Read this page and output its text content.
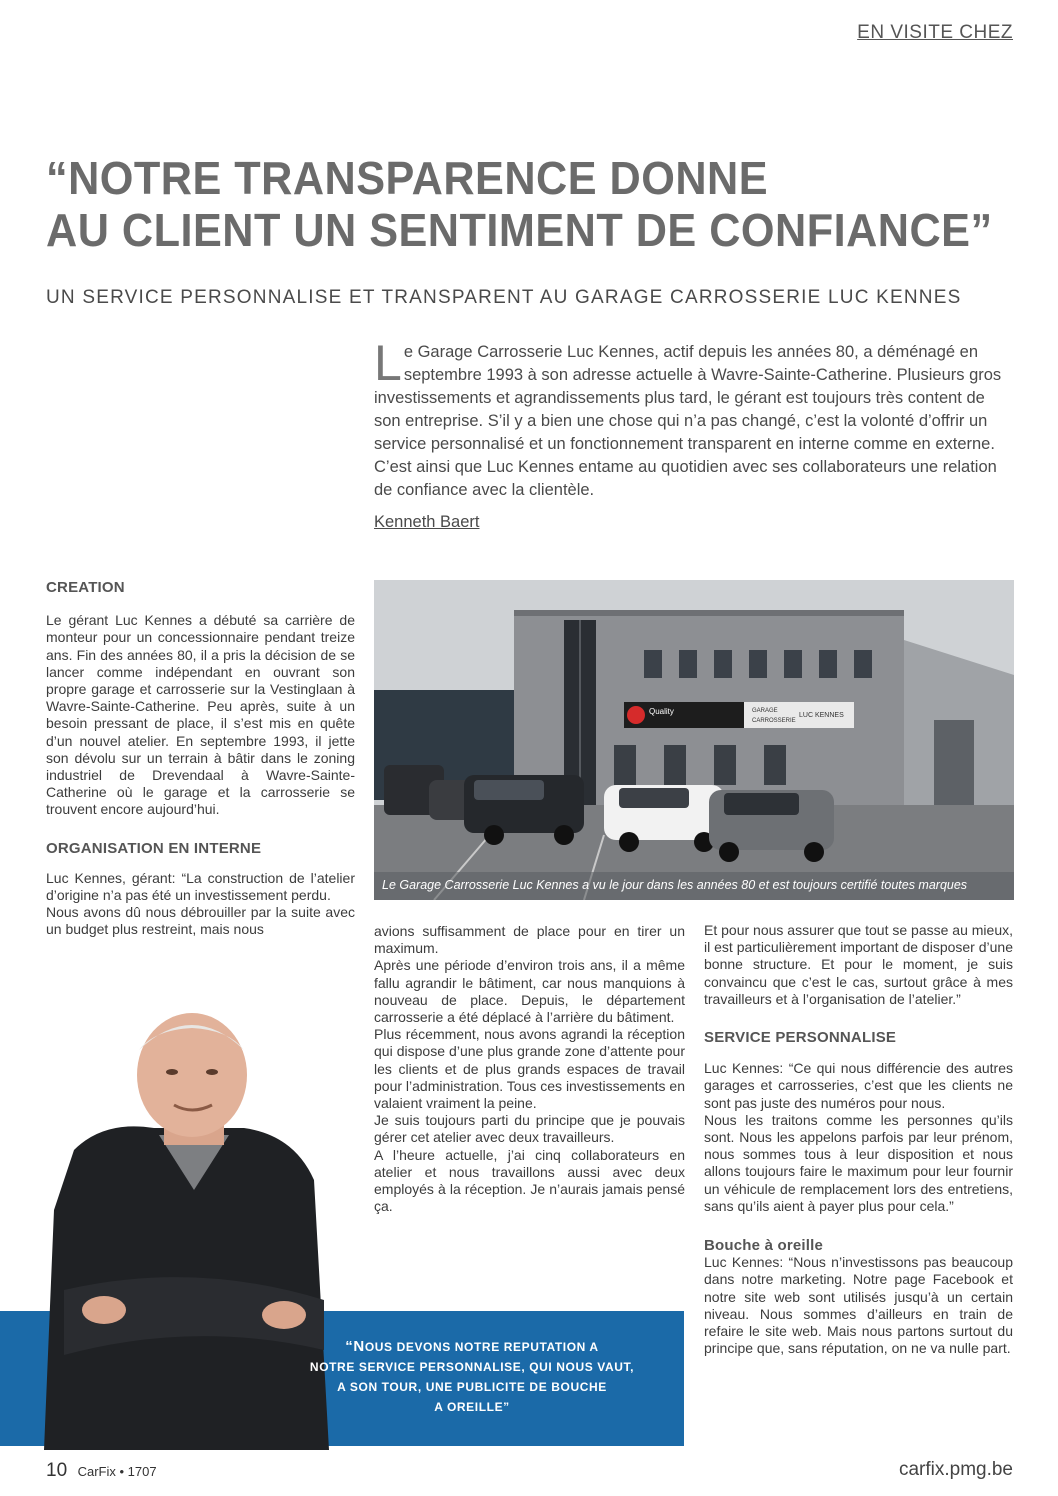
EN VISITE CHEZ
“NOTRE TRANSPARENCE DONNE
AU CLIENT UN SENTIMENT DE CONFIANCE”
UN SERVICE PERSONNALISE ET TRANSPARENT AU GARAGE CARROSSERIE LUC KENNES
Le Garage Carrosserie Luc Kennes, actif depuis les années 80, a déménagé en septembre 1993 à son adresse actuelle à Wavre-Sainte-Catherine. Plusieurs gros investissements et agrandissements plus tard, le gérant est toujours très content de son entreprise. S’il y a bien une chose qui n’a pas changé, c’est la volonté d’offrir un service personnalisé et un fonctionnement transparent en interne comme en externe. C’est ainsi que Luc Kennes entame au quotidien avec ses collaborateurs une relation de confiance avec la clientèle.
Kenneth Baert

CREATION

Le gérant Luc Kennes a débuté sa carrière de monteur pour un concessionnaire pendant treize ans. Fin des années 80, il a pris la décision de se lancer comme indépendant en ouvrant son propre garage et carrosserie sur la Vestinglaan à Wavre-Sainte-Catherine. Peu après, suite à un besoin pressant de place, il s’est mis en quête d’un nouvel atelier. En septembre 1993, il jette son dévolu sur un terrain à bâtir dans le zoning industriel de Drevendaal à Wavre-Sainte-Catherine où le garage et la carrosserie se trouvent encore aujourd’hui.

ORGANISATION EN INTERNE

Luc Kennes, gérant: “La construction de l’atelier d’origine n’a pas été un investissement perdu.

Nous avons dû nous débrouiller par la suite avec un budget plus restreint, mais nous

Quality	GARAGE
CARROSSERIE
LUC KENNES
Le Garage Carrosserie Luc Kennes a vu le jour dans les années 80 et est toujours certifié toutes marques

avions suffisamment de place pour en tirer un maximum.

Après une période d’environ trois ans, il a même fallu agrandir le bâtiment, car nous manquions à nouveau de place. Depuis, le département carrosserie a été déplacé à l’arrière du bâtiment.

Plus récemment, nous avons agrandi la réception qui dispose d’une plus grande zone d’attente pour les clients et de plus grands espaces de travail pour l’administration. Tous ces investissements en valaient vraiment la peine.

Je suis toujours parti du principe que je pouvais gérer cet atelier avec deux travailleurs.

A l’heure actuelle, j’ai cinq collaborateurs en atelier et nous travaillons aussi avec deux employés à la réception. Je n’aurais jamais pensé ça.

Et pour nous assurer que tout se passe au mieux, il est particulièrement important de disposer d’une bonne structure. Et pour le moment, je suis convaincu que c’est le cas, surtout grâce à mes travailleurs et à l’organisation de l’atelier.”

SERVICE PERSONNALISE

Luc Kennes: “Ce qui nous différencie des autres garages et carrosseries, c’est que les clients ne sont pas juste des numéros pour nous.

Nous les traitons comme les personnes qu’ils sont. Nous les appelons parfois par leur prénom, nous sommes tous à leur disposition et nous allons toujours faire le maximum pour leur fournir un véhicule de remplacement lors des entretiens, sans qu’ils aient à payer plus pour cela.”

Bouche à oreille

Luc Kennes: “Nous n’investissons pas beaucoup dans notre marketing. Notre page Facebook et notre site web sont utilisés jusqu’à un certain niveau. Nous sommes d’ailleurs en train de refaire le site web. Mais nous partons surtout du principe que, sans réputation, on ne va nulle part.

“NOUS DEVONS NOTRE REPUTATION A
NOTRE SERVICE PERSONNALISE, QUI NOUS VAUT,
A SON TOUR, UNE PUBLICITE DE BOUCHE
A OREILLE”
10 CarFix • 1707	carfix.pmg.be
